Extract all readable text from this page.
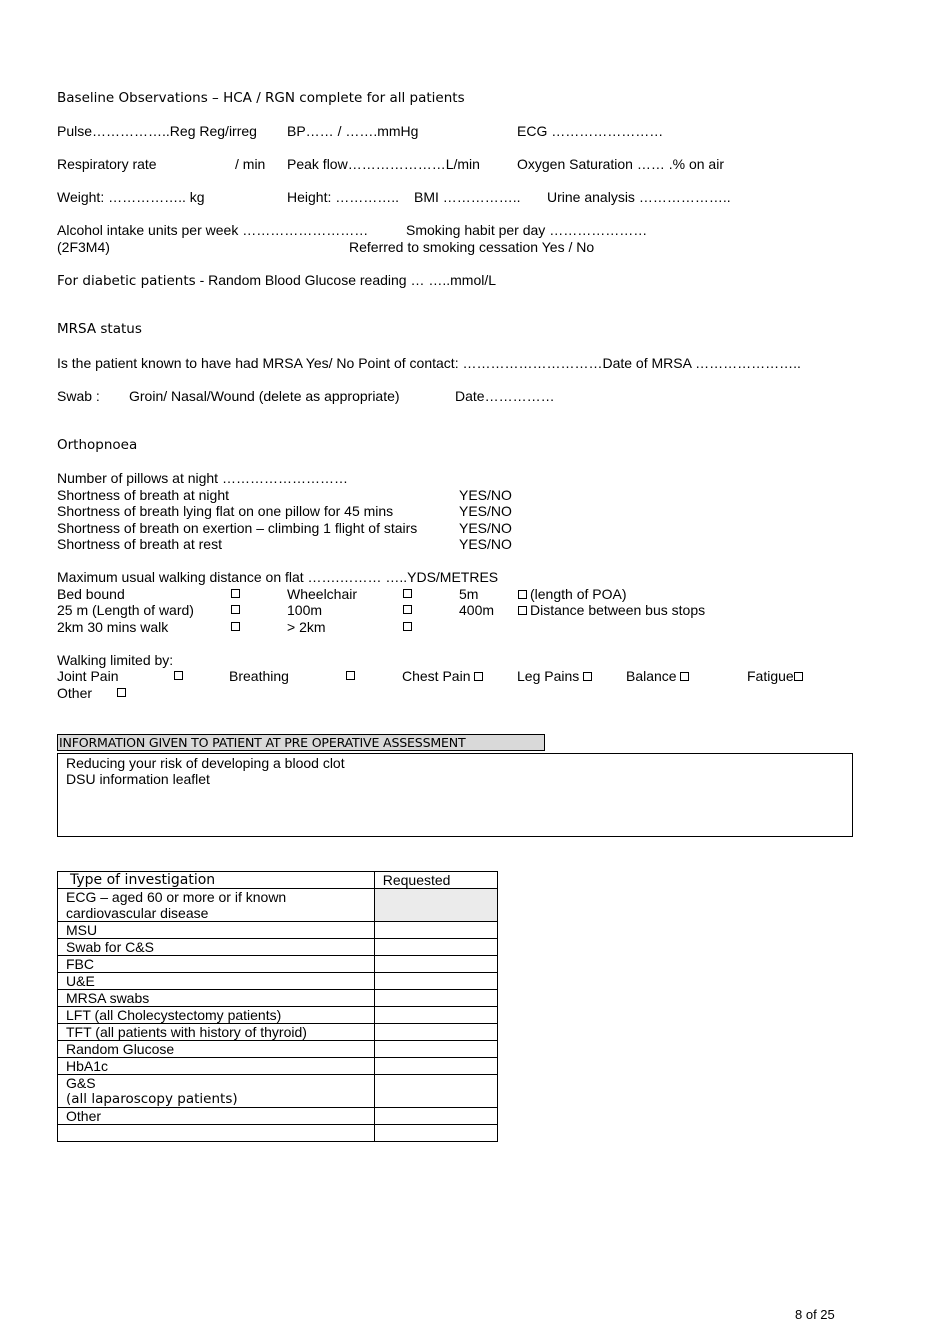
Baseline Observations – HCA / RGN complete for all patients
Pulse……………..Reg Reg/irreg BP…… / …….mmHg	ECG ……………………
Respiratory rate	/ min Peak flow…………………L/min	Oxygen Saturation …… .% on air
Weight: …………….. kg	Height: ………….. BMI …………….. Urine analysis ………………..
Alcohol intake units per week ………………………	Smoking habit per day …………………
(2F3M4)	Referred to smoking cessation Yes / No
For diabetic patients - Random Blood Glucose reading … …..mmol/L
MRSA status
Is the patient known to have had MRSA Yes/ No Point of contact: …………………………Date of MRSA …………………..
Swab : Groin/ Nasal/Wound (delete as appropriate)	Date……………
Orthopnoea
Number of pillows at night ………………………
Shortness of breath at night	YES/NO
Shortness of breath lying flat on one pillow for 45 mins	YES/NO
Shortness of breath on exertion – climbing 1 flight of stairs	YES/NO
Shortness of breath at rest	YES/NO
Maximum usual walking distance on flat …….……… …..YDS/METRES
Bed bound	Wheelchair	5m	(length of POA)
25 m (Length of ward)	100m	400m	Distance between bus stops
2km 30 mins walk	> 2km
Walking limited by:
Joint Pain	Breathing	Chest Pain	Leg Pains	Balance	Fatigue
Other
INFORMATION GIVEN TO PATIENT AT PRE OPERATIVE ASSESSMENT
Reducing your risk of developing a blood clot
DSU information leaflet
Type of investigation	Requested

ECG – aged 60 or more or if known
cardiovascular disease	

MSU	
Swab for C&S	
FBC	
U&E	
MRSA swabs	
LFT (all Cholecystectomy patients)	
TFT (all patients with history of thyroid)	
Random Glucose	
HbA1c	

G&S
(all laparoscopy patients)	

Other	

8 of 25
